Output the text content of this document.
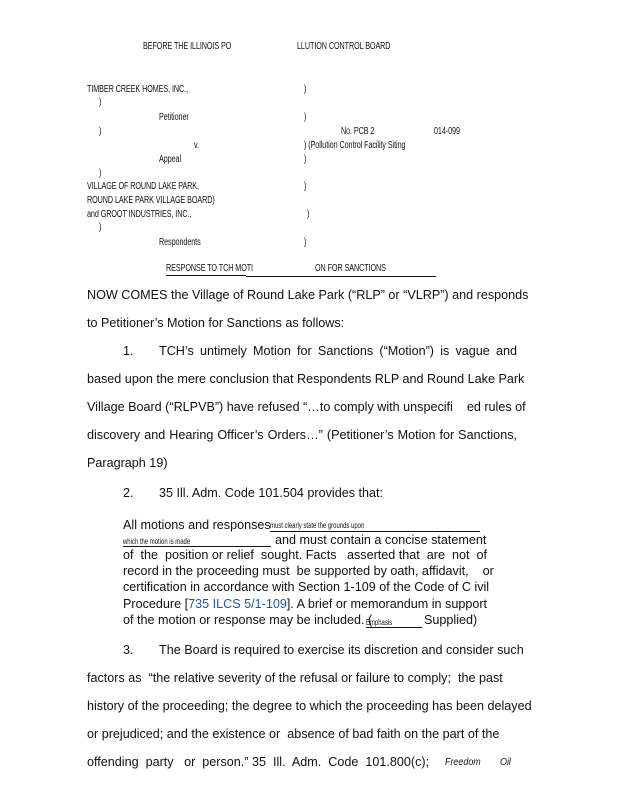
BEFORE THE ILLINOIS PO	LLUTION CONTROL BOARD
TIMBER CREEK HOMES, INC.,	)
)
Petitioner	)
)	No. PCB 2	014-099
v.	) (Pollution Control Facility Siting
Appeal	)
)
VILLAGE OF ROUND LAKE PARK,	)
ROUND LAKE PARK VILLAGE BOARD)
and GROOT INDUSTRIES, INC.,	)
)
Respondents	)
RESPONSE TO TCH MOTI	ON FOR SANCTIONS
NOW COMES the Village of Round Lake Park (“RLP” or “VLRP”) and responds
to Petitioner’s Motion for Sanctions as follows:
1. TCH’s untimely Motion for Sanctions (“Motion”) is vague and
based upon the mere conclusion that Respondents RLP and Round Lake Park
Village Board (“RLPVB”) have refused “…to comply with unspecifi    ed rules of
discovery and Hearing Officer’s Orders…” (Petitioner’s Motion for Sanctions,
Paragraph 19)
2. 35 Ill. Adm. Code 101.504 provides that:
All motions and responses must clearly state the grounds upon
which the motion is made	and must contain a concise statement
of  the  position or relief  sought. Facts   asserted that  are  not  of
record in the proceeding must  be supported by oath, affidavit,    or
certification in accordance with Section 1-109 of the Code of C ivil
Procedure [735 ILCS 5/1-109]. A brief or memorandum in support
of the motion or response may be included. (
Emphasis	Supplied)
3. The Board is required to exercise its discretion and consider such
factors as  “the relative severity of the refusal or failure to comply;  the past
history of the proceeding; the degree to which the proceeding has been delayed
or prejudiced; and the existence or  absence of bad faith on the part of the
offending  party   or  person.” 35  Ill.  Adm.  Code  101.800(c); Freedom Oil
